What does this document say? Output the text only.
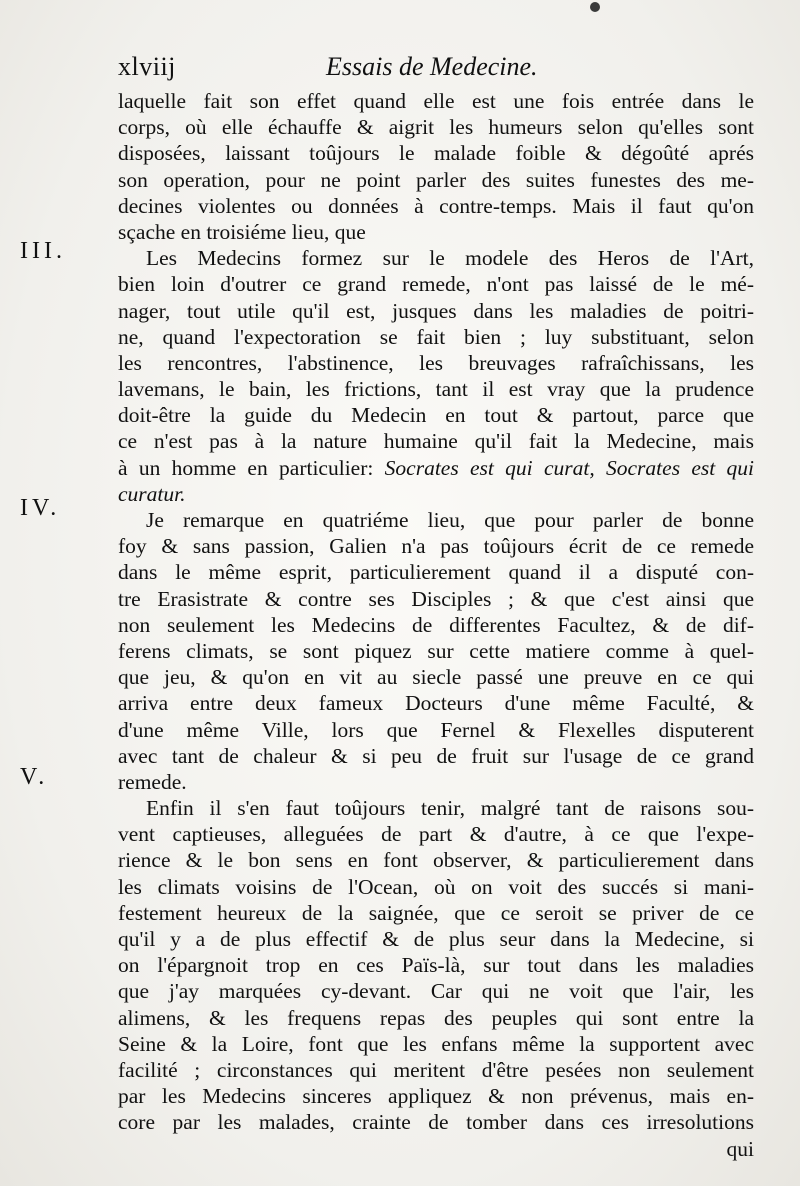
xlviij	Essais de Medecine.
III.
IV.
V.
laquelle fait son effet quand elle est une fois entrée dans le
corps, où elle échauffe & aigrit les humeurs selon qu'elles sont
disposées, laissant toûjours le malade foible & dégoûté aprés
son operation, pour ne point parler des suites funestes des me-
decines violentes ou données à contre-temps. Mais il faut qu'on
sçache en troisiéme lieu, que
Les Medecins formez sur le modele des Heros de l'Art,
bien loin d'outrer ce grand remede, n'ont pas laissé de le mé-
nager, tout utile qu'il est, jusques dans les maladies de poitri-
ne, quand l'expectoration se fait bien ; luy substituant, selon
les rencontres, l'abstinence, les breuvages rafraîchissans, les
lavemans, le bain, les frictions, tant il est vray que la prudence
doit-être la guide du Medecin en tout & partout, parce que
ce n'est pas à la nature humaine qu'il fait la Medecine, mais
à un homme en particulier: Socrates est qui curat, Socrates est qui
curatur.
Je remarque en quatriéme lieu, que pour parler de bonne
foy & sans passion, Galien n'a pas toûjours écrit de ce remede
dans le même esprit, particulierement quand il a disputé con-
tre Erasistrate & contre ses Disciples ; & que c'est ainsi que
non seulement les Medecins de differentes Facultez, & de dif-
ferens climats, se sont piquez sur cette matiere comme à quel-
que jeu, & qu'on en vit au siecle passé une preuve en ce qui
arriva entre deux fameux Docteurs d'une même Faculté, &
d'une même Ville, lors que Fernel & Flexelles disputerent
avec tant de chaleur & si peu de fruit sur l'usage de ce grand
remede.
Enfin il s'en faut toûjours tenir, malgré tant de raisons sou-
vent captieuses, alleguées de part & d'autre, à ce que l'expe-
rience & le bon sens en font observer, & particulierement dans
les climats voisins de l'Ocean, où on voit des succés si mani-
festement heureux de la saignée, que ce seroit se priver de ce
qu'il y a de plus effectif & de plus seur dans la Medecine, si
on l'épargnoit trop en ces Païs-là, sur tout dans les maladies
que j'ay marquées cy-devant. Car qui ne voit que l'air, les
alimens, & les frequens repas des peuples qui sont entre la
Seine & la Loire, font que les enfans même la supportent avec
facilité ; circonstances qui meritent d'être pesées non seulement
par les Medecins sinceres appliquez & non prévenus, mais en-
core par les malades, crainte de tomber dans ces irresolutions
qui
